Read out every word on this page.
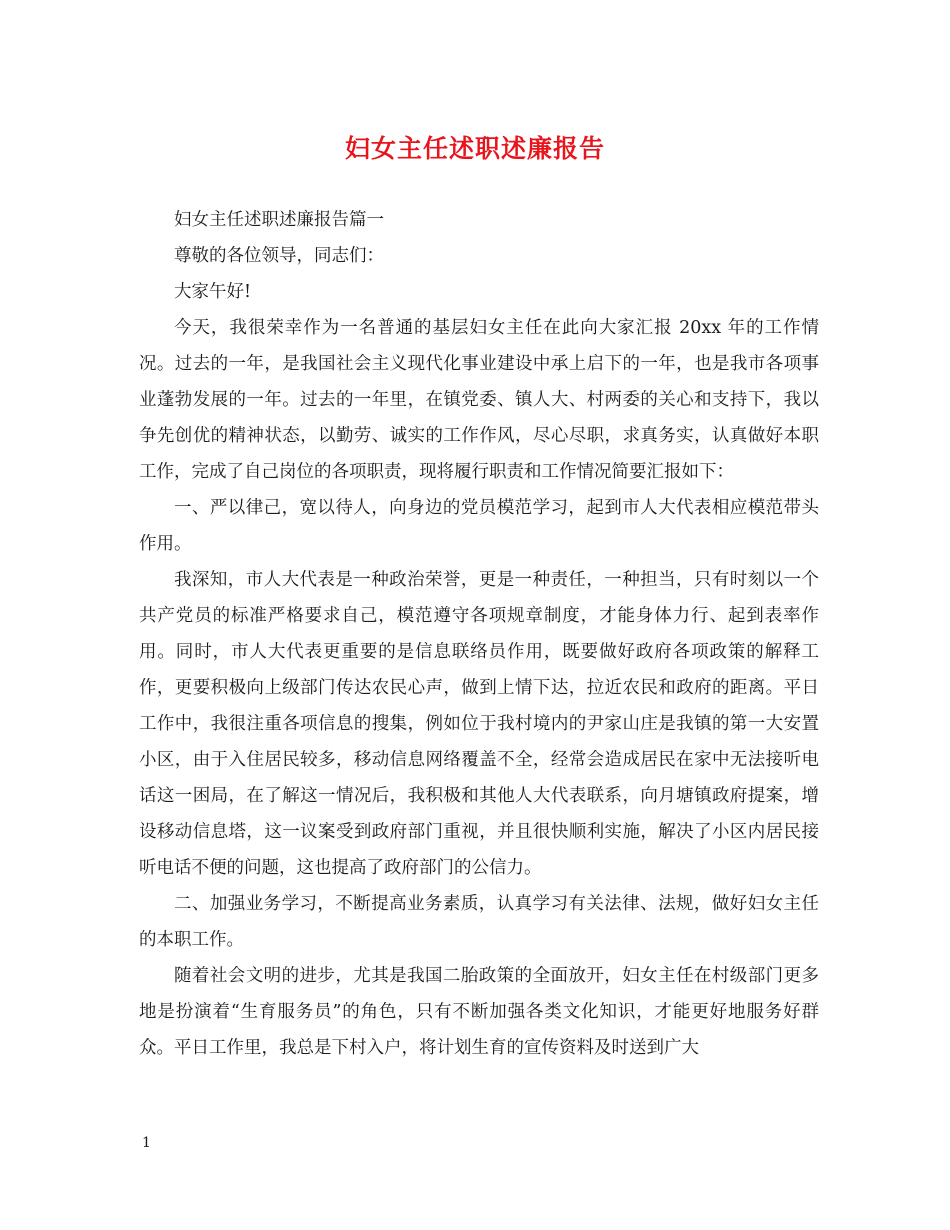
妇女主任述职述廉报告

妇女主任述职述廉报告篇一

尊敬的各位领导，同志们：

大家午好!

今天，我很荣幸作为一名普通的基层妇女主任在此向大家汇报 20xx 年的工作情况。过去的一年，是我国社会主义现代化事业建设中承上启下的一年，也是我市各项事业蓬勃发展的一年。过去的一年里，在镇党委、镇人大、村两委的关心和支持下，我以争先创优的精神状态，以勤劳、诚实的工作作风，尽心尽职，求真务实，认真做好本职工作，完成了自己岗位的各项职责，现将履行职责和工作情况简要汇报如下：

一、严以律己，宽以待人，向身边的党员模范学习，起到市人大代表相应模范带头作用。

我深知，市人大代表是一种政治荣誉，更是一种责任，一种担当，只有时刻以一个共产党员的标准严格要求自己，模范遵守各项规章制度，才能身体力行、起到表率作用。同时，市人大代表更重要的是信息联络员作用，既要做好政府各项政策的解释工作，更要积极向上级部门传达农民心声，做到上情下达，拉近农民和政府的距离。平日工作中，我很注重各项信息的搜集，例如位于我村境内的尹家山庄是我镇的第一大安置小区，由于入住居民较多，移动信息网络覆盖不全，经常会造成居民在家中无法接听电话这一困局，在了解这一情况后，我积极和其他人大代表联系，向月塘镇政府提案，增设移动信息塔，这一议案受到政府部门重视，并且很快顺利实施，解决了小区内居民接听电话不便的问题，这也提高了政府部门的公信力。

二、加强业务学习，不断提高业务素质，认真学习有关法律、法规，做好妇女主任的本职工作。

随着社会文明的进步，尤其是我国二胎政策的全面放开，妇女主任在村级部门更多地是扮演着“生育服务员”的角色，只有不断加强各类文化知识，才能更好地服务好群众。平日工作里，我总是下村入户，将计划生育的宣传资料及时送到广大

1
